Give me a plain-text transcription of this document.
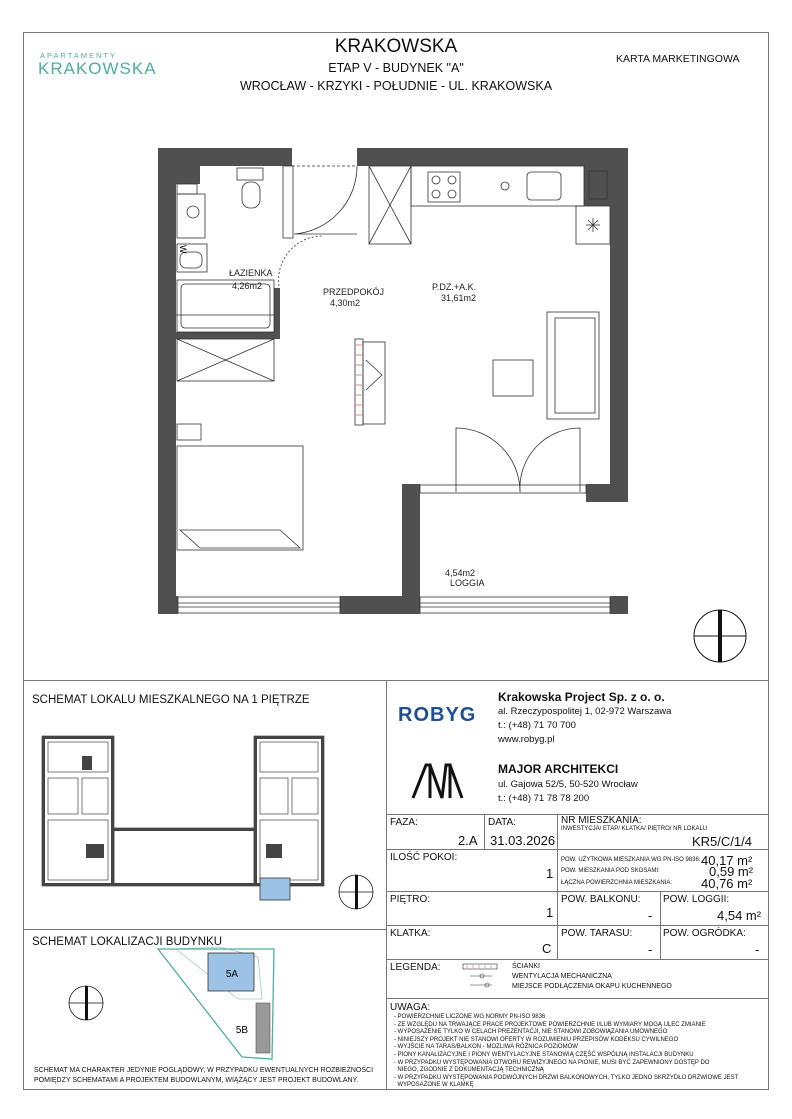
APARTAMENTY
KRAKOWSKA
KRAKOWSKA
ETAP V - BUDYNEK "A"
WROCŁAW - KRZYKI - POŁUDNIE - UL. KRAKOWSKA
KARTA MARKETINGOWA
W
ŁAZIENKA
4,26m2
PRZEDPOKÓJ
4,30m2
P.DZ.+A.K.
31,61m2
4,54m2
LOGGIA
SCHEMAT LOKALU MIESZKALNEGO NA 1 PIĘTRZE
SCHEMAT LOKALIZACJI BUDYNKU
5A
5B
SCHEMAT MA CHARAKTER JEDYNIE POGLĄDOWY, W PRZYPADKU EWENTUALNYCH ROZBIEŻNOŚCI
POMIĘDZY SCHEMATAMI A PROJEKTEM BUDOWLANYM, WIĄŻĄCY JEST PROJEKT BUDOWLANY.
ROBYG
Krakowska Project Sp. z o. o.
al. Rzeczypospolitej 1, 02-972 Warszawa
t.: (+48) 71 70 700
www.robyg.pl
MAJOR ARCHITEKCI
ul. Gajowa 52/5, 50-520 Wrocław
t.: (+48) 71 78 78 200
FAZA:
2.A
DATA:
31.03.2026
NR MIESZKANIA:
INWESTYCJA/ ETAP/ KLATKA/ PIĘTRO/ NR LOKALU
KR5/C/1/4
ILOŚĆ POKOI:
1
POW. UŻYTKOWA MIESZKANIA WG PN-ISO 9836: 40,17 m²
POW. MIESZKANIA POD SKOSAMI:	0,59 m²
ŁĄCZNA POWIERZCHNIA MIESZKANIA: 40,76 m²
PIĘTRO:
1
POW. BALKONU:
-
POW. LOGGII:
4,54 m²
KLATKA:
C
POW. TARASU:
-
POW. OGRÓDKA:
-
LEGENDA:	ŚCIANKI
WENTYLACJA MECHANICZNA
MIEJSCE PODŁĄCZENIA OKAPU KUCHENNEGO
UWAGA:
- POWIERZCHNIE LICZONE WG NORMY PN-ISO 9836
- ZE WZGLĘDU NA TRWAJĄCE PRACE PROJEKTOWE POWIERZCHNIE I/LUB WYMIARY MOGĄ ULEC ZMIANIE
- WYPOSAŻENIE TYLKO W CELACH PREZENTACJI, NIE STANOWI ZOBOWIĄZANIA UMOWNEGO
- NINIEJSZY PROJEKT NIE STANOWI OFERTY W ROZUMIENIU PRZEPISÓW KODEKSU CYWILNEGO
- WYJŚCIE NA TARAS/BALKON - MOŻLIWA RÓŻNICA POZIOMÓW
- PIONY KANALIZACYJNE I PIONY WENTYLACYJNE STANOWIĄ CZĘŚĆ WSPÓLNĄ INSTALACJI BUDYNKU
- W PRZYPADKU WYSTĘPOWANIA OTWORU REWIZYJNEGO NA PIONIE, MUSI BYĆ ZAPEWNIONY DOSTĘP DO
NIEGO, ZGODNIE Z DOKUMENTACJĄ TECHNICZNĄ
- W PRZYPADKU WYSTĘPOWANIA PODWÓJNYCH DRZWI BALKONOWYCH, TYLKO JEDNO SKRZYDŁO DRZWIOWE JEST
WYPOSAŻONE W KLAMKĘ
